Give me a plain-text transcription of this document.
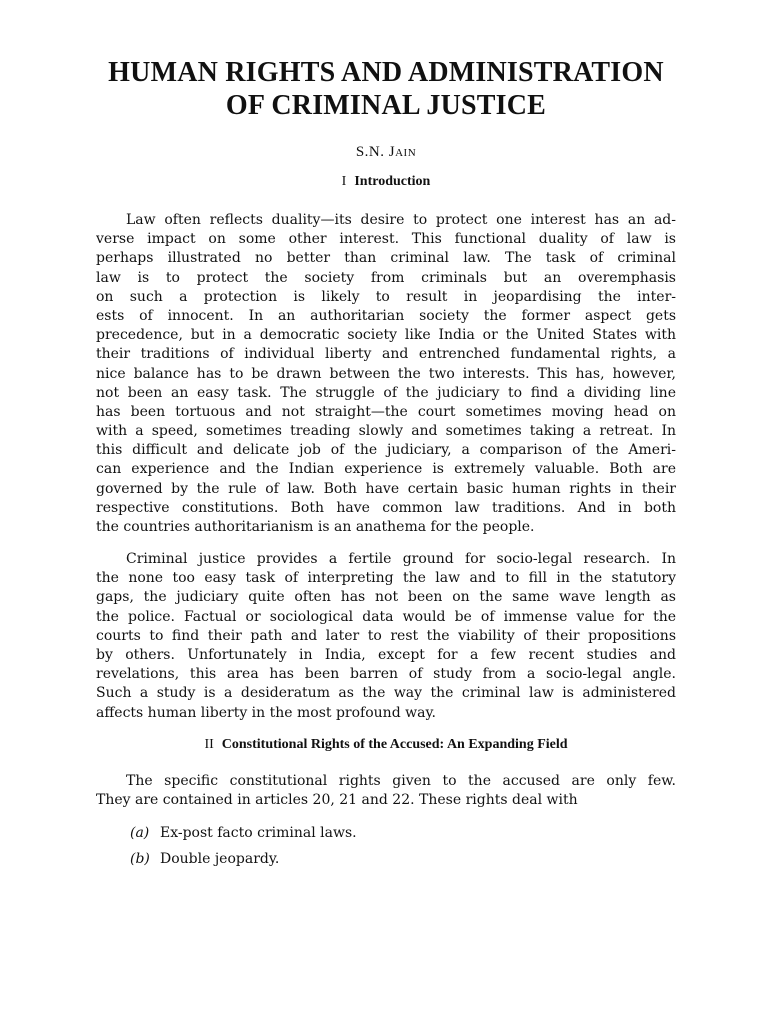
HUMAN RIGHTS AND ADMINISTRATION
OF CRIMINAL JUSTICE

S.N. Jain

I Introduction
Law often reflects duality—its desire to protect one interest has an ad-
verse impact on some other interest. This functional duality of law is
perhaps illustrated no better than criminal law. The task of criminal
law is to protect the society from criminals but an overemphasis
on such a protection is likely to result in jeopardising the inter-
ests of innocent. In an authoritarian society the former aspect gets
precedence, but in a democratic society like India or the United States with
their traditions of individual liberty and entrenched fundamental rights, a
nice balance has to be drawn between the two interests. This has, however,
not been an easy task. The struggle of the judiciary to find a dividing line
has been tortuous and not straight—the court sometimes moving head on
with a speed, sometimes treading slowly and sometimes taking a retreat. In
this difficult and delicate job of the judiciary, a comparison of the Ameri-
can experience and the Indian experience is extremely valuable. Both are
governed by the rule of law. Both have certain basic human rights in their
respective constitutions. Both have common law traditions. And in both
the countries authoritarianism is an anathema for the people.
Criminal justice provides a fertile ground for socio-legal research. In
the none too easy task of interpreting the law and to fill in the statutory
gaps, the judiciary quite often has not been on the same wave length as
the police. Factual or sociological data would be of immense value for the
courts to find their path and later to rest the viability of their propositions
by others. Unfortunately in India, except for a few recent studies and
revelations, this area has been barren of study from a socio-legal angle.
Such a study is a desideratum as the way the criminal law is administered
affects human liberty in the most profound way.
II Constitutional Rights of the Accused: An Expanding Field
The specific constitutional rights given to the accused are only few.
They are contained in articles 20, 21 and 22. These rights deal with
(a) Ex-post facto criminal laws.
(b) Double jeopardy.
